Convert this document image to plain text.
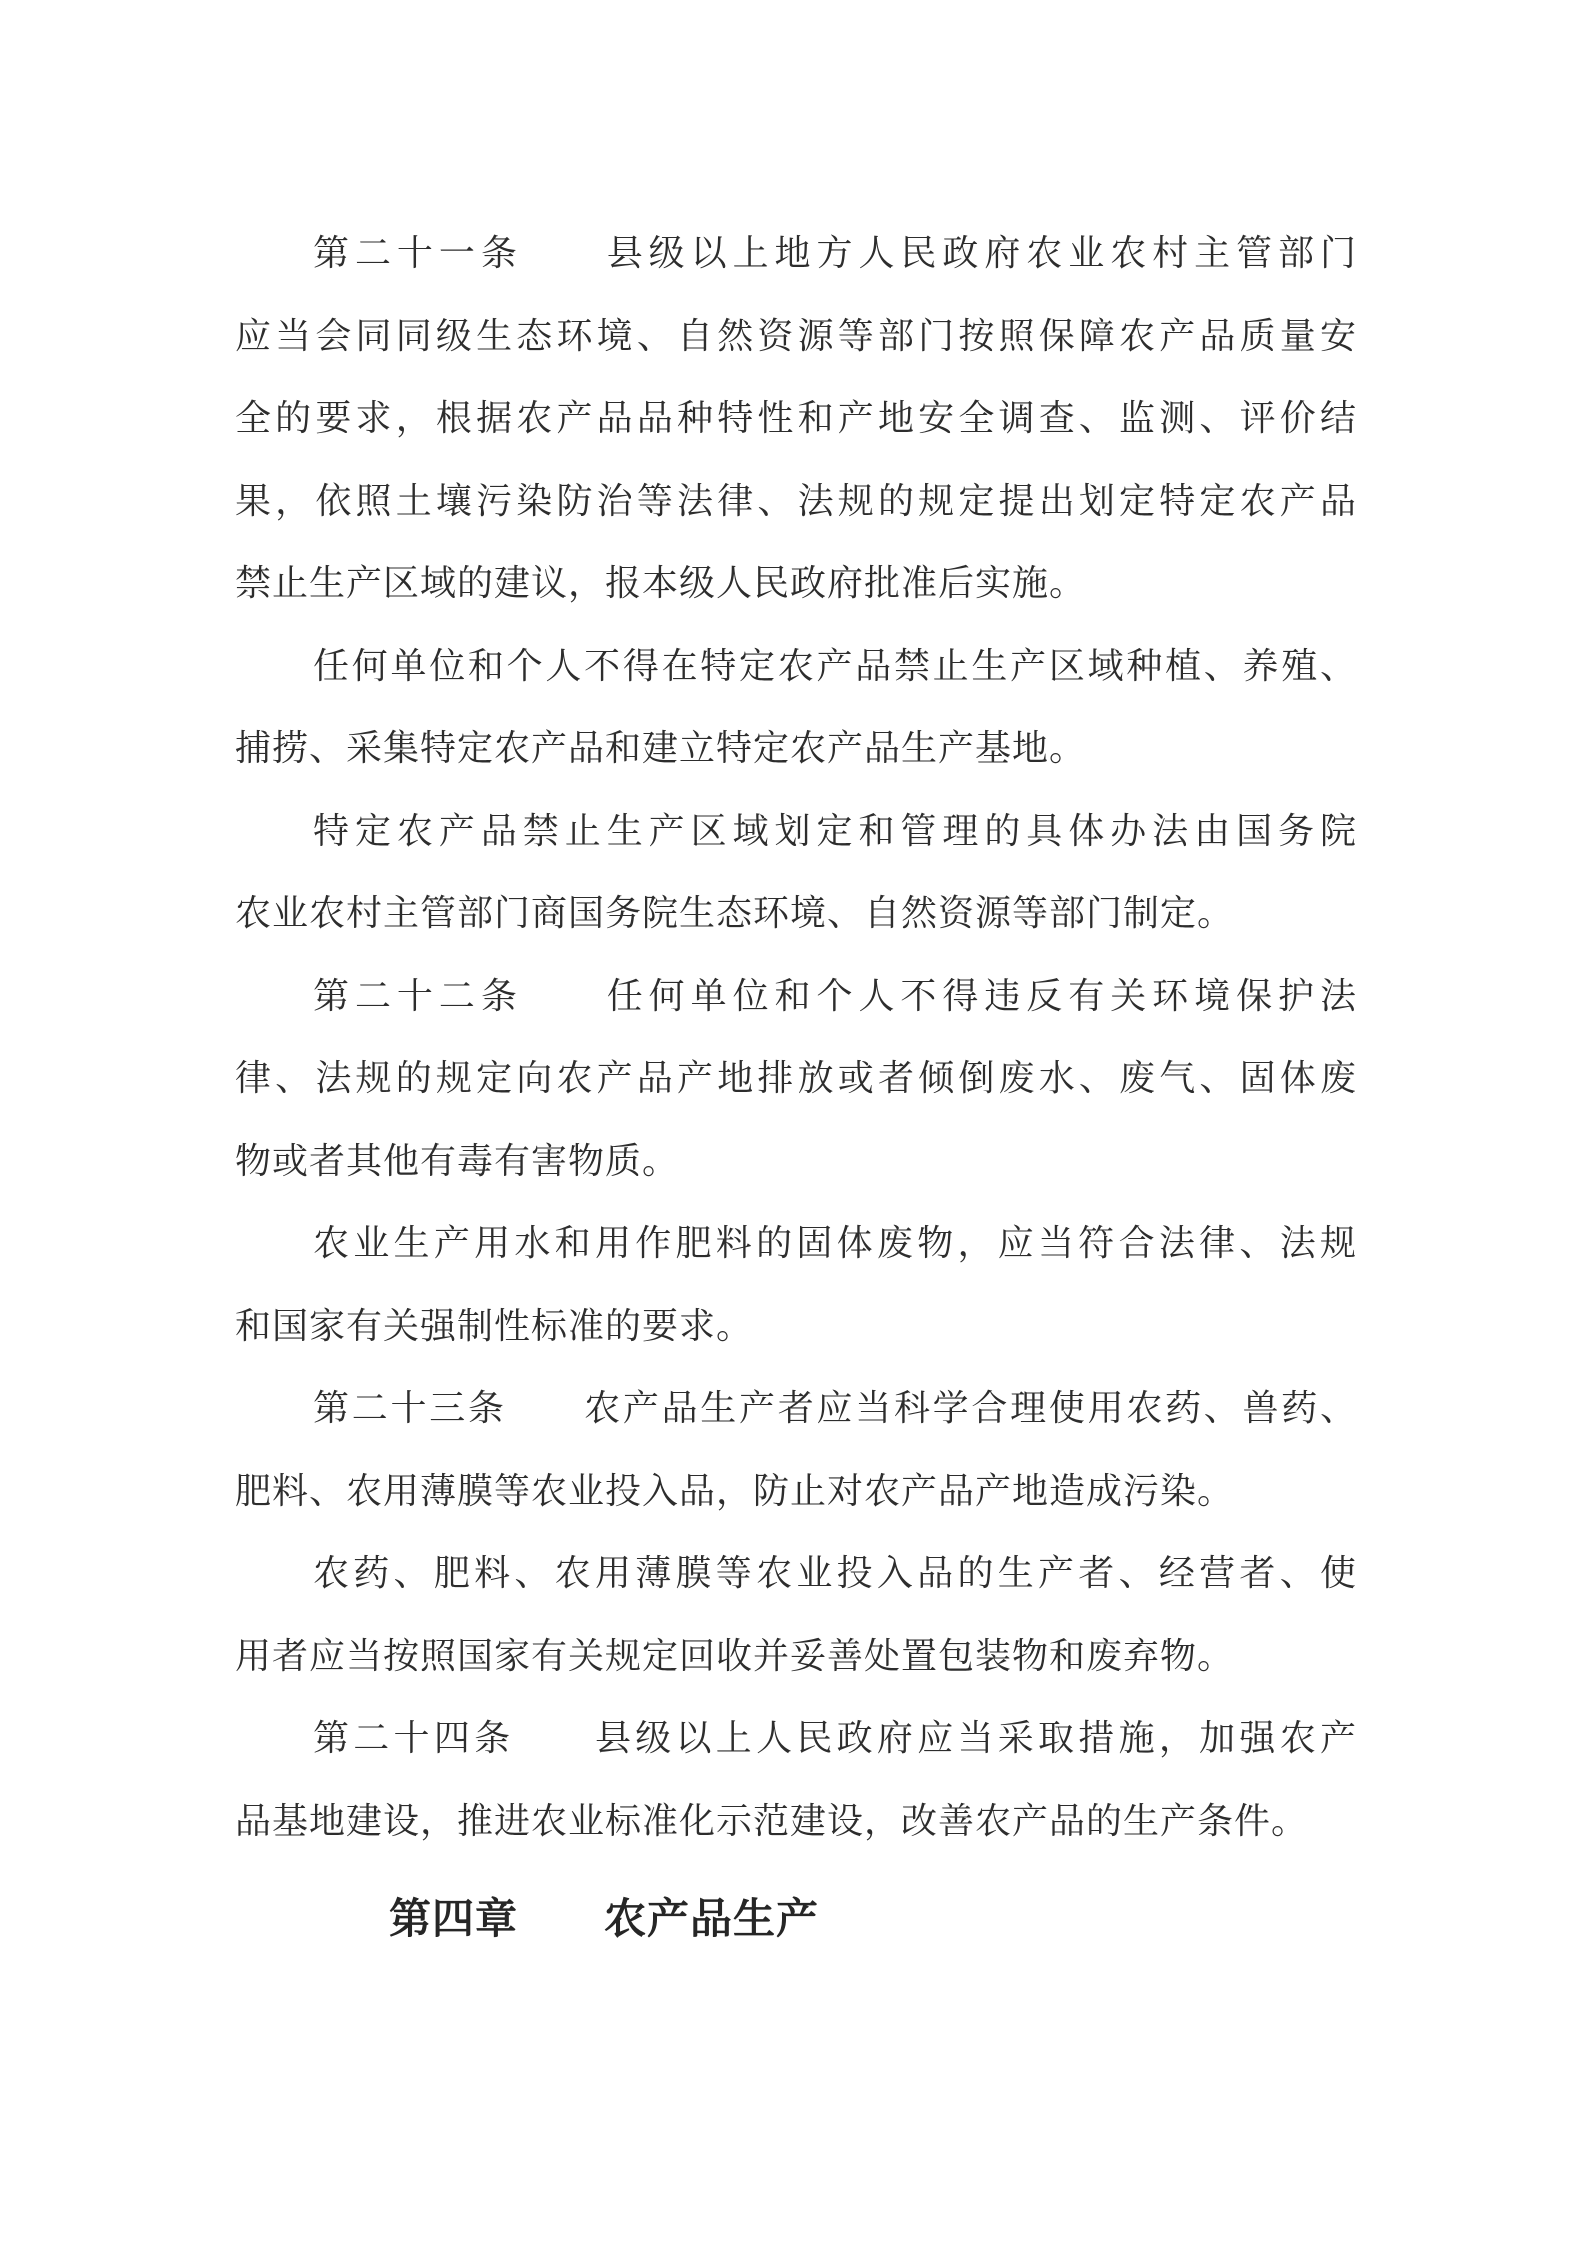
第二十一条　　县级以上地方人民政府农业农村主管部门
应当会同同级生态环境、自然资源等部门按照保障农产品质量安
全的要求，根据农产品品种特性和产地安全调查、监测、评价结
果，依照土壤污染防治等法律、法规的规定提出划定特定农产品
禁止生产区域的建议，报本级人民政府批准后实施。
任何单位和个人不得在特定农产品禁止生产区域种植、养殖、
捕捞、采集特定农产品和建立特定农产品生产基地。
特定农产品禁止生产区域划定和管理的具体办法由国务院
农业农村主管部门商国务院生态环境、自然资源等部门制定。
第二十二条　　任何单位和个人不得违反有关环境保护法
律、法规的规定向农产品产地排放或者倾倒废水、废气、固体废
物或者其他有毒有害物质。
农业生产用水和用作肥料的固体废物，应当符合法律、法规
和国家有关强制性标准的要求。
第二十三条　　农产品生产者应当科学合理使用农药、兽药、
肥料、农用薄膜等农业投入品，防止对农产品产地造成污染。
农药、肥料、农用薄膜等农业投入品的生产者、经营者、使
用者应当按照国家有关规定回收并妥善处置包装物和废弃物。
第二十四条　　县级以上人民政府应当采取措施，加强农产
品基地建设，推进农业标准化示范建设，改善农产品的生产条件。
第四章　　农产品生产
